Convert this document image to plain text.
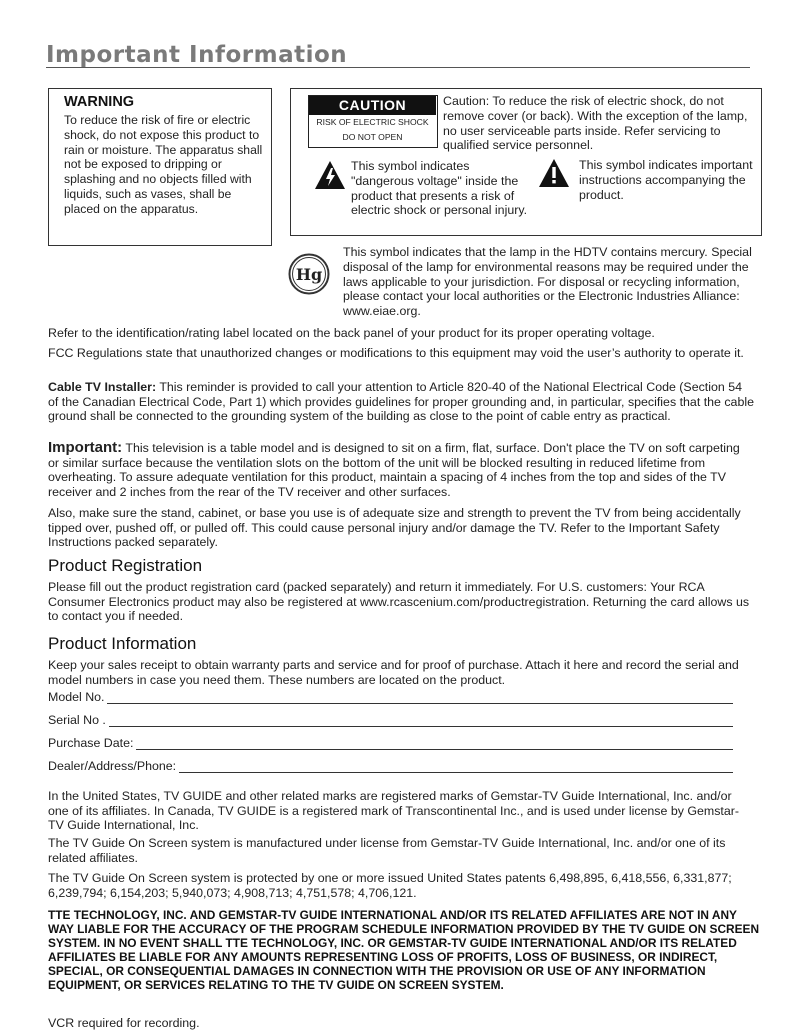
Important Information
WARNING
To reduce the risk of fire or electric shock, do not expose this product to rain or moisture. The apparatus shall not be exposed to dripping or splashing and no objects filled with liquids, such as vases, shall be placed on the apparatus.
CAUTION
RISK OF ELECTRIC SHOCK
DO NOT OPEN
Caution: To reduce the risk of electric shock, do not remove cover (or back). With the exception of the lamp, no user serviceable parts inside. Refer servicing to qualified service personnel.
This symbol indicates "dangerous voltage" inside the product that presents a risk of electric shock or personal injury.
This symbol indicates important instructions accompanying the product.
Hg
This symbol indicates that the lamp in the HDTV contains mercury. Special disposal of the lamp for environmental reasons may be required under the laws applicable to your jurisdiction. For disposal or recycling information, please contact your local authorities or the Electronic Industries Alliance: www.eiae.org.
Refer to the identification/rating label located on the back panel of your product for its proper operating voltage.
FCC Regulations state that unauthorized changes or modifications to this equipment may void the user’s authority to operate it.
Cable TV Installer: This reminder is provided to call your attention to Article 820-40 of the National Electrical Code (Section 54 of the Canadian Electrical Code, Part 1) which provides guidelines for proper grounding and, in particular, specifies that the cable ground shall be connected to the grounding system of the building as close to the point of cable entry as practical.
Important: This television is a table model and is designed to sit on a firm, flat, surface. Don't place the TV on soft carpeting or similar surface because the ventilation slots on the bottom of the unit will be blocked resulting in reduced lifetime from overheating. To assure adequate ventilation for this product, maintain a spacing of 4 inches from the top and sides of the TV receiver and 2 inches from the rear of the TV receiver and other surfaces.
Also, make sure the stand, cabinet, or base you use is of adequate size and strength to prevent the TV from being accidentally tipped over, pushed off, or pulled off. This could cause personal injury and/or damage the TV. Refer to the Important Safety Instructions packed separately.
Product Registration
Please fill out the product registration card (packed separately) and return it immediately. For U.S. customers: Your RCA Consumer Electronics product may also be registered at www.rcascenium.com/productregistration. Returning the card allows us to contact you if needed.
Product Information
Keep your sales receipt to obtain warranty parts and service and for proof of purchase. Attach it here and record the serial and model numbers in case you need them. These numbers are located on the product.
Model No.
Serial No .
Purchase Date:
Dealer/Address/Phone:
In the United States, TV GUIDE and other related marks are registered marks of Gemstar-TV Guide International, Inc. and/or one of its affiliates. In Canada, TV GUIDE is a registered mark of Transcontinental Inc., and is used under license by Gemstar-TV Guide International, Inc.
The TV Guide On Screen system is manufactured under license from Gemstar-TV Guide International, Inc. and/or one of its related affiliates.
The TV Guide On Screen system is protected by one or more issued United States patents 6,498,895, 6,418,556, 6,331,877; 6,239,794; 6,154,203; 5,940,073; 4,908,713; 4,751,578; 4,706,121.
TTE TECHNOLOGY, INC. AND GEMSTAR-TV GUIDE INTERNATIONAL AND/OR ITS RELATED AFFILIATES ARE NOT IN ANY WAY LIABLE FOR THE ACCURACY OF THE PROGRAM SCHEDULE INFORMATION PROVIDED BY THE TV GUIDE ON SCREEN SYSTEM. IN NO EVENT SHALL TTE TECHNOLOGY, INC. OR GEMSTAR-TV GUIDE INTERNATIONAL AND/OR ITS RELATED AFFILIATES BE LIABLE FOR ANY AMOUNTS REPRESENTING LOSS OF PROFITS, LOSS OF BUSINESS, OR INDIRECT, SPECIAL, OR CONSEQUENTIAL DAMAGES IN CONNECTION WITH THE PROVISION OR USE OF ANY INFORMATION EQUIPMENT, OR SERVICES RELATING TO THE TV GUIDE ON SCREEN SYSTEM.
VCR required for recording.
